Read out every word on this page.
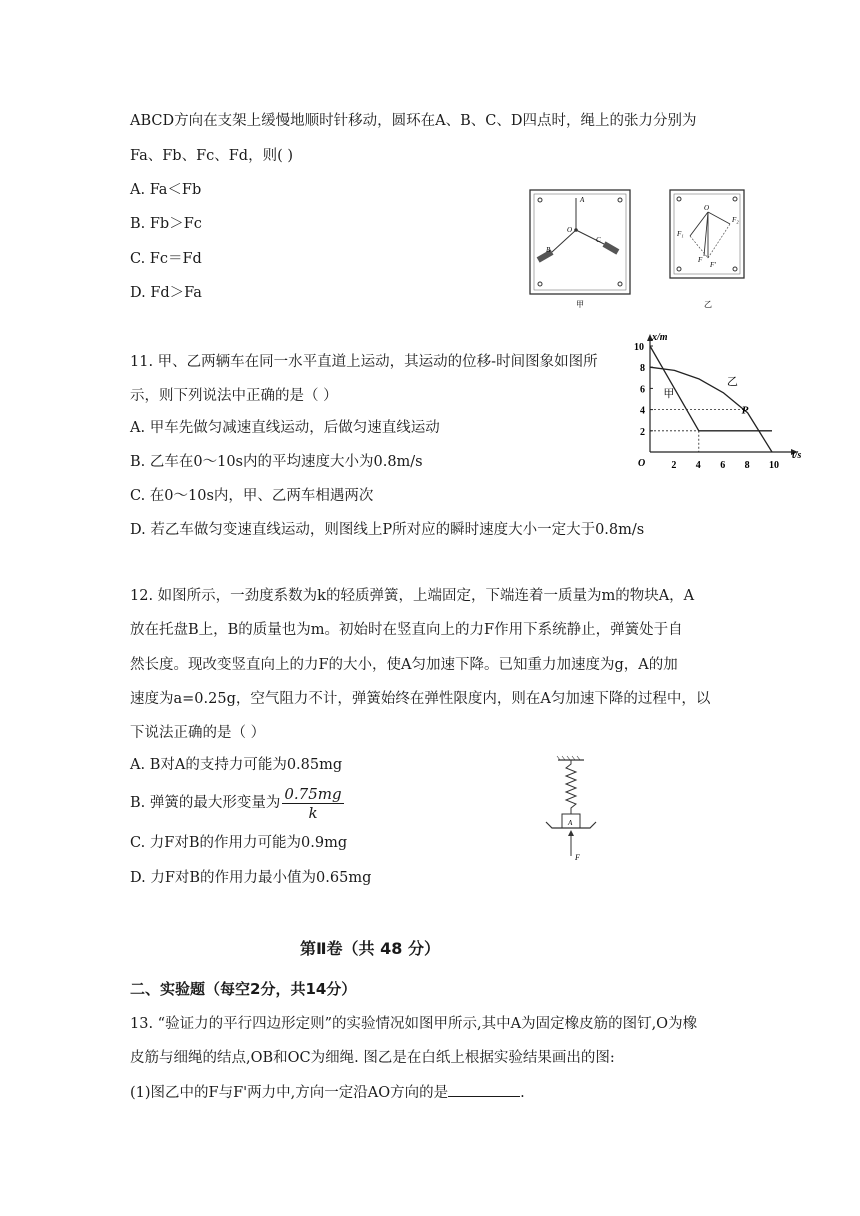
ABCD方向在支架上缓慢地顺时针移动，圆环在A、B、C、D四点时，绳上的张力分别为
Fa、Fb、Fc、Fd，则( )
A. Fa＜Fb
B. Fb＞Fc
C. Fc＝Fd
D. Fd＞Fa
A
O
B
C
甲
O
F₁
F₂
F
F'
乙
11. 甲、乙两辆车在同一水平直道上运动，其运动的位移-时间图象如图所
示，则下列说法中正确的是（ ）
A. 甲车先做匀减速直线运动，后做匀速直线运动
B. 乙车在0～10s内的平均速度大小为0.8m/s
C. 在0～10s内，甲、乙两车相遇两次
D. 若乙车做匀变速直线运动，则图线上P所对应的瞬时速度大小一定大于0.8m/s
t/s
x/m
O	2 4 6 8 10
2
4
6
8
10
甲
乙
P
12. 如图所示，一劲度系数为k的轻质弹簧，上端固定，下端连着一质量为m的物块A，A
放在托盘B上，B的质量也为m。初始时在竖直向上的力F作用下系统静止，弹簧处于自
然长度。现改变竖直向上的力F的大小，使A匀加速下降。已知重力加速度为g，A的加
速度为a=0.25g，空气阻力不计，弹簧始终在弹性限度内，则在A匀加速下降的过程中，以
下说法正确的是（ ）
A. B对A的支持力可能为0.85mg
B. 弹簧的最大形变量为 $\frac{0.75mg}{k}$
C. 力F对B的作用力可能为0.9mg
D. 力F对B的作用力最小值为0.65mg
A
F
第Ⅱ卷（共 48 分）
二、实验题（每空2分，共14分）
13. “验证力的平行四边形定则”的实验情况如图甲所示,其中A为固定橡皮筋的图钉,O为橡
皮筋与细绳的结点,OB和OC为细绳. 图乙是在白纸上根据实验结果画出的图:
(1)图乙中的F与F'两力中,方向一定沿AO方向的是	.
